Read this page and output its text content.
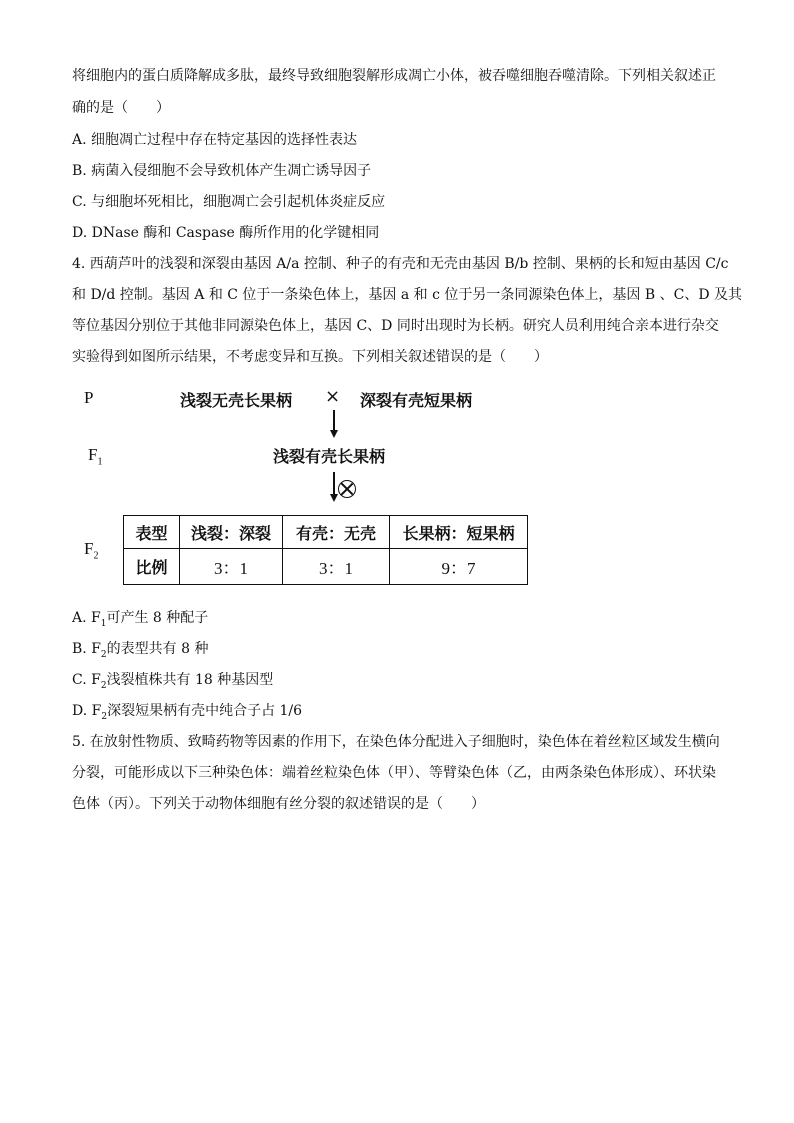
将细胞内的蛋白质降解成多肽，最终导致细胞裂解形成凋亡小体，被吞噬细胞吞噬清除。下列相关叙述正
确的是（　　）
A. 细胞凋亡过程中存在特定基因的选择性表达
B. 病菌入侵细胞不会导致机体产生凋亡诱导因子
C. 与细胞坏死相比，细胞凋亡会引起机体炎症反应
D. DNase 酶和 Caspase 酶所作用的化学键相同
4. 西葫芦叶的浅裂和深裂由基因 A/a 控制、种子的有壳和无壳由基因 B/b 控制、果柄的长和短由基因 C/c
和 D/d 控制。基因 A 和 C 位于一条染色体上，基因 a 和 c 位于另一条同源染色体上，基因 B 、C、D 及其
等位基因分别位于其他非同源染色体上，基因 C、D 同时出现时为长柄。研究人员利用纯合亲本进行杂交
实验得到如图所示结果，不考虑变异和互换。下列相关叙述错误的是（　　）
P	浅裂无壳长果柄 × 深裂有壳短果柄
$F_1$	浅裂有壳长果柄
$F_2$
表型	浅裂：深裂	有壳：无壳	长果柄：短果柄
比例	3：1	3：1	9：7
A. $F_1$可产生 8 种配子
B. $F_2$的表型共有 8 种
C. $F_2$浅裂植株共有 18 种基因型
D. $F_2$深裂短果柄有壳中纯合子占 1/6
5. 在放射性物质、致畸药物等因素的作用下，在染色体分配进入子细胞时，染色体在着丝粒区域发生横向
分裂，可能形成以下三种染色体：端着丝粒染色体（甲）、等臂染色体（乙，由两条染色体形成）、环状染
色体（丙）。下列关于动物体细胞有丝分裂的叙述错误的是（　　）
